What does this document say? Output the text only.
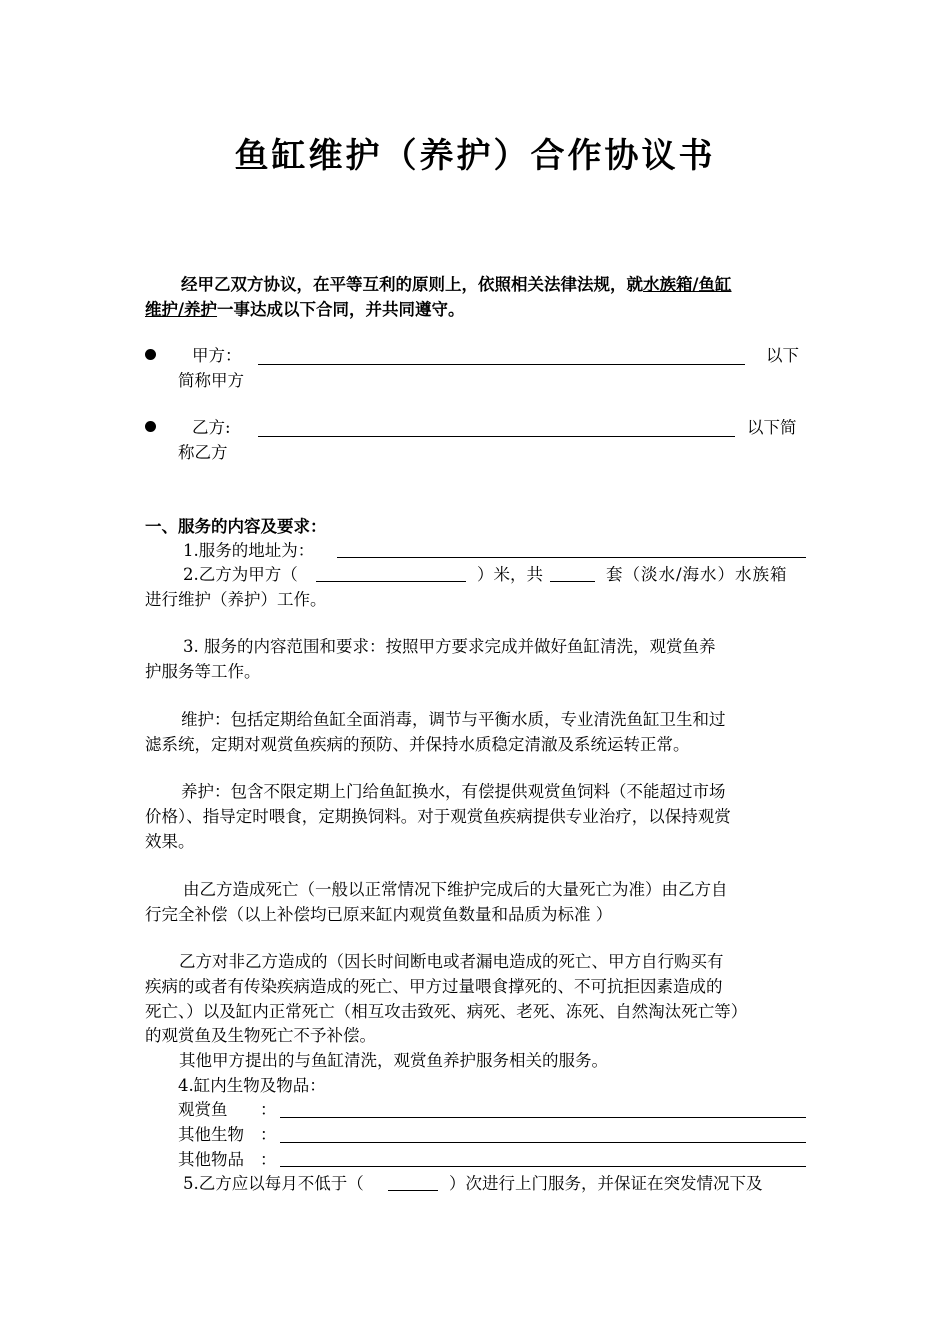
鱼缸维护（养护）合作协议书
经甲乙双方协议，在平等互利的原则上，依照相关法律法规，就水族箱/鱼缸
维护/养护一事达成以下合同，并共同遵守。
甲方：	以下
简称甲方
乙方:	以下简
称乙方
一、服务的内容及要求：
1.服务的地址为：
2.乙方为甲方（	）米，共	套（淡水/海水）水族箱
进行维护（养护）工作。
3. 服务的内容范围和要求：按照甲方要求完成并做好鱼缸清洗，观赏鱼养
护服务等工作。
维护：包括定期给鱼缸全面消毒，调节与平衡水质，专业清洗鱼缸卫生和过
滤系统，定期对观赏鱼疾病的预防、并保持水质稳定清澈及系统运转正常。
养护：包含不限定期上门给鱼缸换水，有偿提供观赏鱼饲料（不能超过市场
价格）、指导定时喂食，定期换饲料。对于观赏鱼疾病提供专业治疗，以保持观赏
效果。
由乙方造成死亡（一般以正常情况下维护完成后的大量死亡为准）由乙方自
行完全补偿（以上补偿均已原来缸内观赏鱼数量和品质为标准 ）
乙方对非乙方造成的（因长时间断电或者漏电造成的死亡、甲方自行购买有
疾病的或者有传染疾病造成的死亡、甲方过量喂食撑死的、不可抗拒因素造成的
死亡、）以及缸内正常死亡（相互攻击致死、病死、老死、冻死、自然淘汰死亡等）
的观赏鱼及生物死亡不予补偿。
其他甲方提出的与鱼缸清洗，观赏鱼养护服务相关的服务。
4.缸内生物及物品：
观赏鱼 ：
其他生物 ：
其他物品 ：
5.乙方应以每月不低于（	）次进行上门服务，并保证在突发情况下及
